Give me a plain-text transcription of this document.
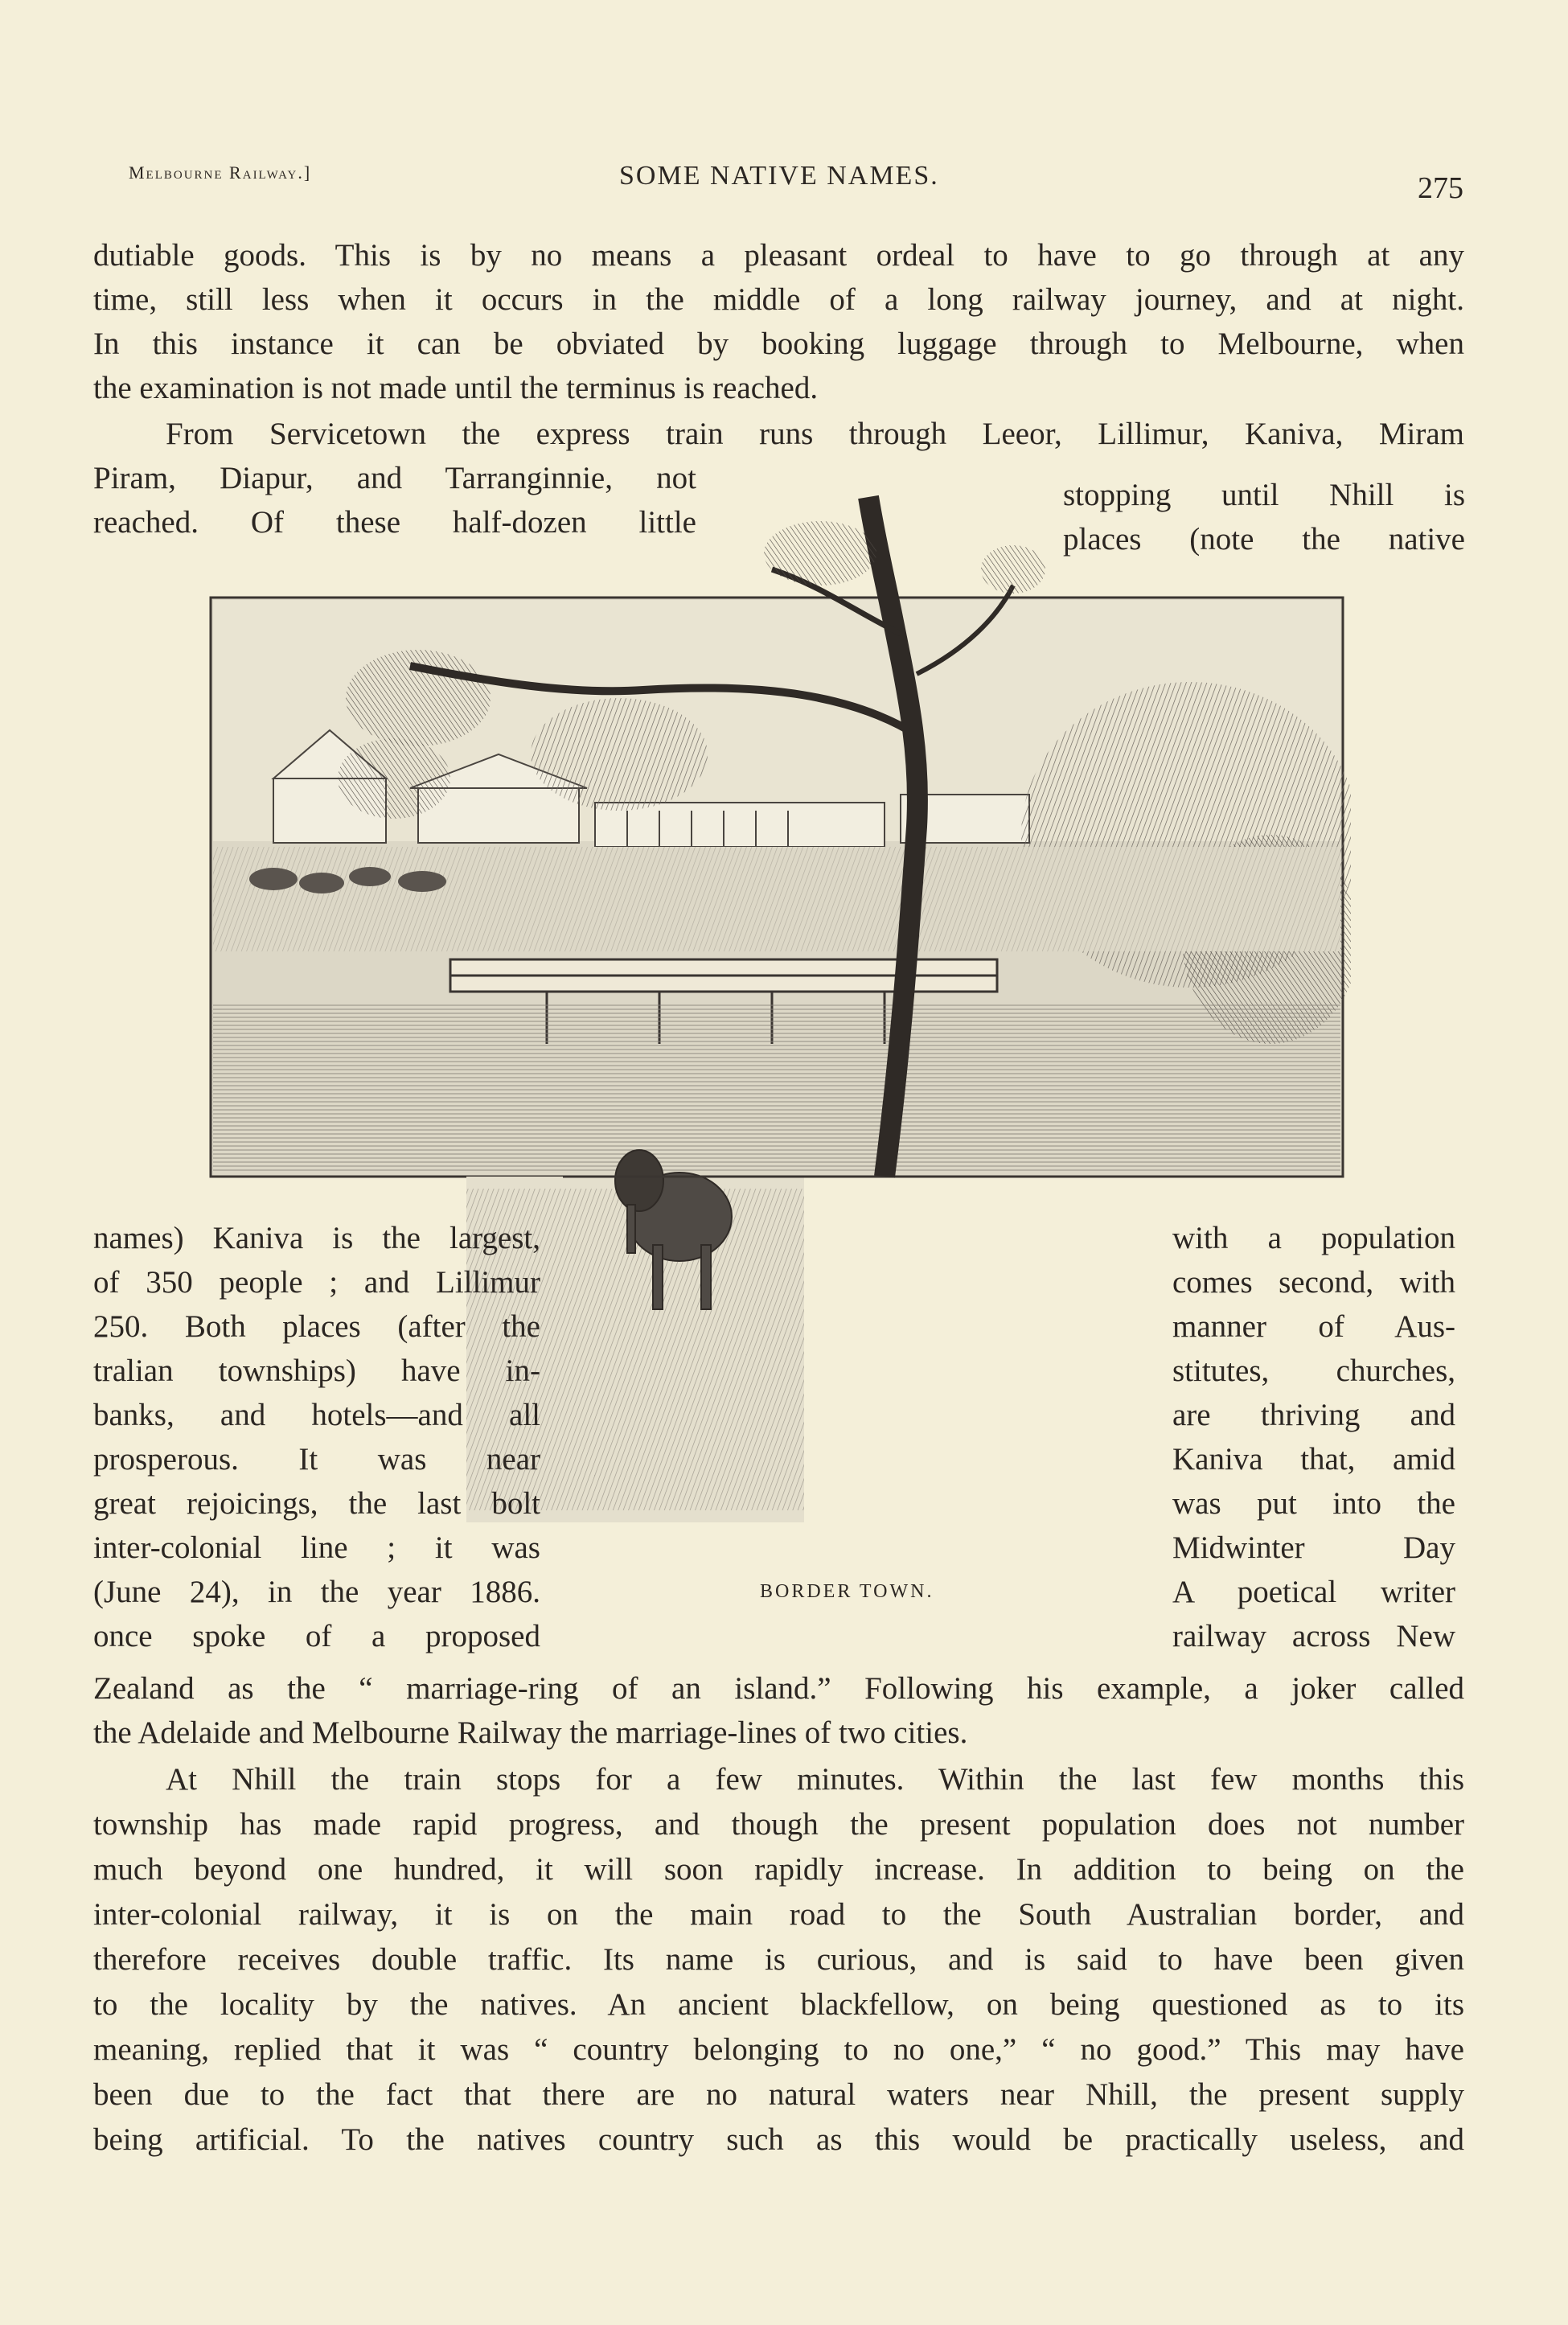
Melbourne Railway.]	SOME NATIVE NAMES.	275
dutiable goods. This is by no means a pleasant ordeal to have to go through at any
time, still less when it occurs in the middle of a long railway journey, and at night.
In this instance it can be obviated by booking luggage through to Melbourne, when
the examination is not made until the terminus is reached.
From Servicetown the express train runs through Leeor, Lillimur, Kaniva, Miram
Piram, Diapur, and Tarranginnie, not
reached. Of these half-dozen little
stopping until Nhill is
places (note the native
names) Kaniva is the largest,
of 350 people ; and Lillimur
250. Both places (after the
tralian townships) have in-
banks, and hotels—and all
prosperous. It was near
great rejoicings, the last bolt
inter-colonial line ; it was
(June 24), in the year 1886.
once spoke of a proposed
with a population
comes second, with
manner of Aus-
stitutes, churches,
are thriving and
Kaniva that, amid
was put into the
Midwinter Day
A poetical writer
railway across New
BORDER TOWN.
Zealand as the “ marriage-ring of an island.” Following his example, a joker called
the Adelaide and Melbourne Railway the marriage-lines of two cities.
At Nhill the train stops for a few minutes. Within the last few months this
township has made rapid progress, and though the present population does not number
much beyond one hundred, it will soon rapidly increase. In addition to being on the
inter-colonial railway, it is on the main road to the South Australian border, and
therefore receives double traffic. Its name is curious, and is said to have been given
to the locality by the natives. An ancient blackfellow, on being questioned as to its
meaning, replied that it was “ country belonging to no one,” “ no good.” This may have
been due to the fact that there are no natural waters near Nhill, the present supply
being artificial. To the natives country such as this would be practically useless, and
